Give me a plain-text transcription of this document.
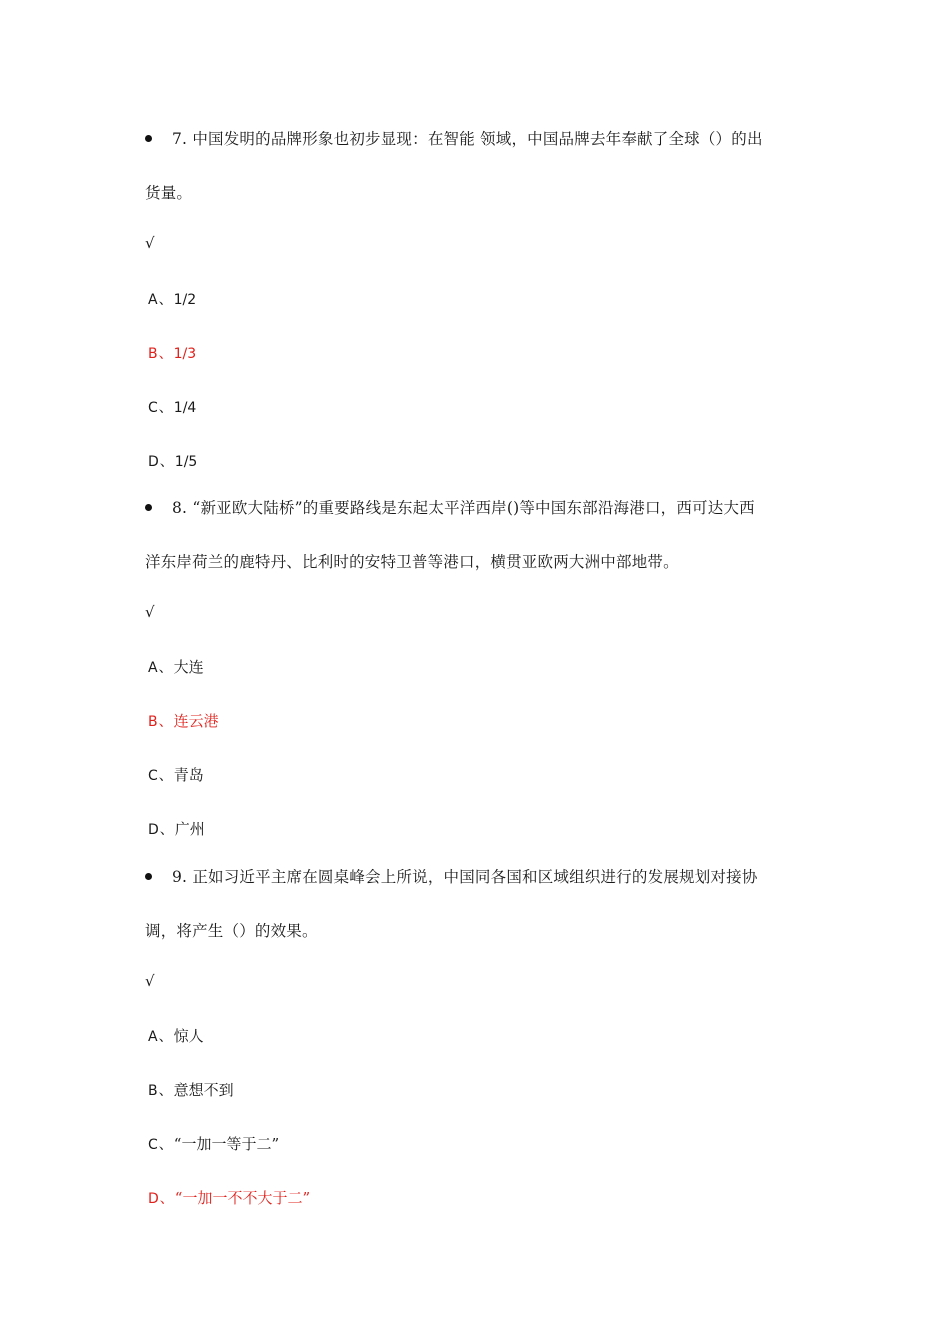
7. 中国发明的品牌形象也初步显现：在智能 领域，中国品牌去年奉献了全球（）的出
货量。
√
A、1/2
B、1/3
C、1/4
D、1/5
8. “新亚欧大陆桥”的重要路线是东起太平洋西岸()等中国东部沿海港口，西可达大西
洋东岸荷兰的鹿特丹、比利时的安特卫普等港口，横贯亚欧两大洲中部地带。
√
A、大连
B、连云港
C、青岛
D、广州
9. 正如习近平主席在圆桌峰会上所说，中国同各国和区域组织进行的发展规划对接协
调，将产生（）的效果。
√
A、惊人
B、意想不到
C、“一加一等于二”
D、“一加一不不大于二”
